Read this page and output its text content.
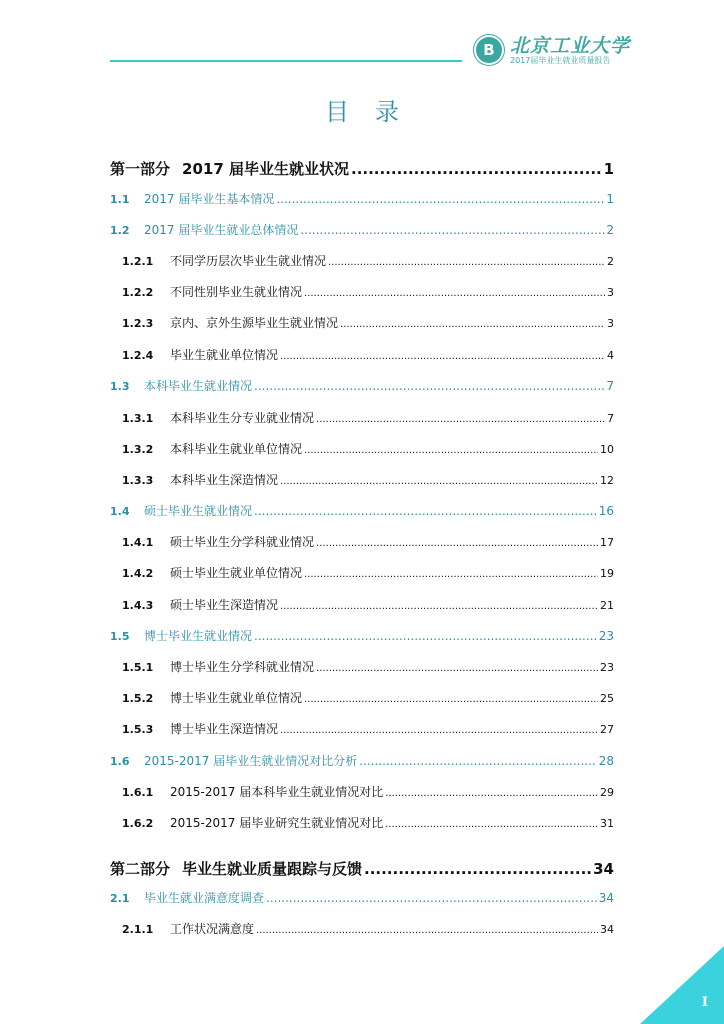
B 北京工业大学
2017届毕业生就业质量报告
目录
第一部分 2017 届毕业生就业状况 .....	1
1.1	2017 届毕业生基本情况 .....	1
1.2	2017 届毕业生就业总体情况 .....	2
1.2.1	不同学历层次毕业生就业情况 .....	2
1.2.2	不同性别毕业生就业情况 .....	3
1.2.3	京内、京外生源毕业生就业情况 .....	3
1.2.4	毕业生就业单位情况 .....	4
1.3	本科毕业生就业情况 .....	7
1.3.1	本科毕业生分专业就业情况 .....	7
1.3.2	本科毕业生就业单位情况 .....	10
1.3.3	本科毕业生深造情况 .....	12
1.4	硕士毕业生就业情况 .....	16
1.4.1	硕士毕业生分学科就业情况 .....	17
1.4.2	硕士毕业生就业单位情况 .....	19
1.4.3	硕士毕业生深造情况 .....	21
1.5	博士毕业生就业情况 .....	23
1.5.1	博士毕业生分学科就业情况 .....	23
1.5.2	博士毕业生就业单位情况 .....	25
1.5.3	博士毕业生深造情况 .....	27
1.6	2015-2017 届毕业生就业情况对比分析 .....	28
1.6.1	2015-2017 届本科毕业生就业情况对比 .....	29
1.6.2	2015-2017 届毕业研究生就业情况对比 .....	31
第二部分 毕业生就业质量跟踪与反馈 .....	34
2.1	毕业生就业满意度调查 .....	34
2.1.1	工作状况满意度 .....	34
I
